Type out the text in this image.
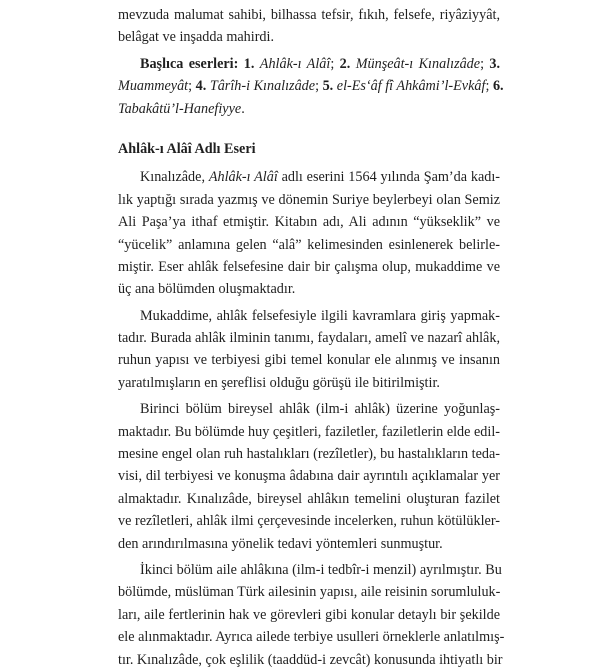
mevzuda malumat sahibi, bilhassa tefsir, fıkıh, felsefe, riyâziyyât,
belâgat ve inşadda mahirdi.
Başlıca eserleri: 1. Ahlâk-ı Alâî; 2. Münşeât-ı Kınalızâde; 3.
Muammeyât; 4. Târîh-i Kınalızâde; 5. el-Es‘âf fî Ahkâmi’l-Evkâf; 6.
Tabakâtü’l-Hanefiyye.
Ahlâk-ı Alâî Adlı Eseri
Kınalızâde, Ahlâk-ı Alâî adlı eserini 1564 yılında Şam’da kadı-
lık yaptığı sırada yazmış ve dönemin Suriye beylerbeyi olan Semiz
Ali Paşa’ya ithaf etmiştir. Kitabın adı, Ali adının “yükseklik” ve
“yücelik” anlamına gelen “alâ” kelimesinden esinlenerek belirle-
miştir. Eser ahlâk felsefesine dair bir çalışma olup, mukaddime ve
üç ana bölümden oluşmaktadır.
Mukaddime, ahlâk felsefesiyle ilgili kavramlara giriş yapmak-
tadır. Burada ahlâk ilminin tanımı, faydaları, amelî ve nazarî ahlâk,
ruhun yapısı ve terbiyesi gibi temel konular ele alınmış ve insanın
yaratılmışların en şereflisi olduğu görüşü ile bitirilmiştir.
Birinci bölüm bireysel ahlâk (ilm-i ahlâk) üzerine yoğunlaş-
maktadır. Bu bölümde huy çeşitleri, faziletler, faziletlerin elde edil-
mesine engel olan ruh hastalıkları (rezîletler), bu hastalıkların teda-
visi, dil terbiyesi ve konuşma âdabına dair ayrıntılı açıklamalar yer
almaktadır. Kınalızâde, bireysel ahlâkın temelini oluşturan fazilet
ve rezîletleri, ahlâk ilmi çerçevesinde incelerken, ruhun kötülükler-
den arındırılmasına yönelik tedavi yöntemleri sunmuştur.
İkinci bölüm aile ahlâkına (ilm-i tedbîr-i menzil) ayrılmıştır. Bu
bölümde, müslüman Türk ailesinin yapısı, aile reisinin sorumluluk-
ları, aile fertlerinin hak ve görevleri gibi konular detaylı bir şekilde
ele alınmaktadır. Ayrıca ailede terbiye usulleri örneklerle anlatılmış-
tır. Kınalızâde, çok eşlilik (taaddüd-i zevcât) konusunda ihtiyatlı bir
